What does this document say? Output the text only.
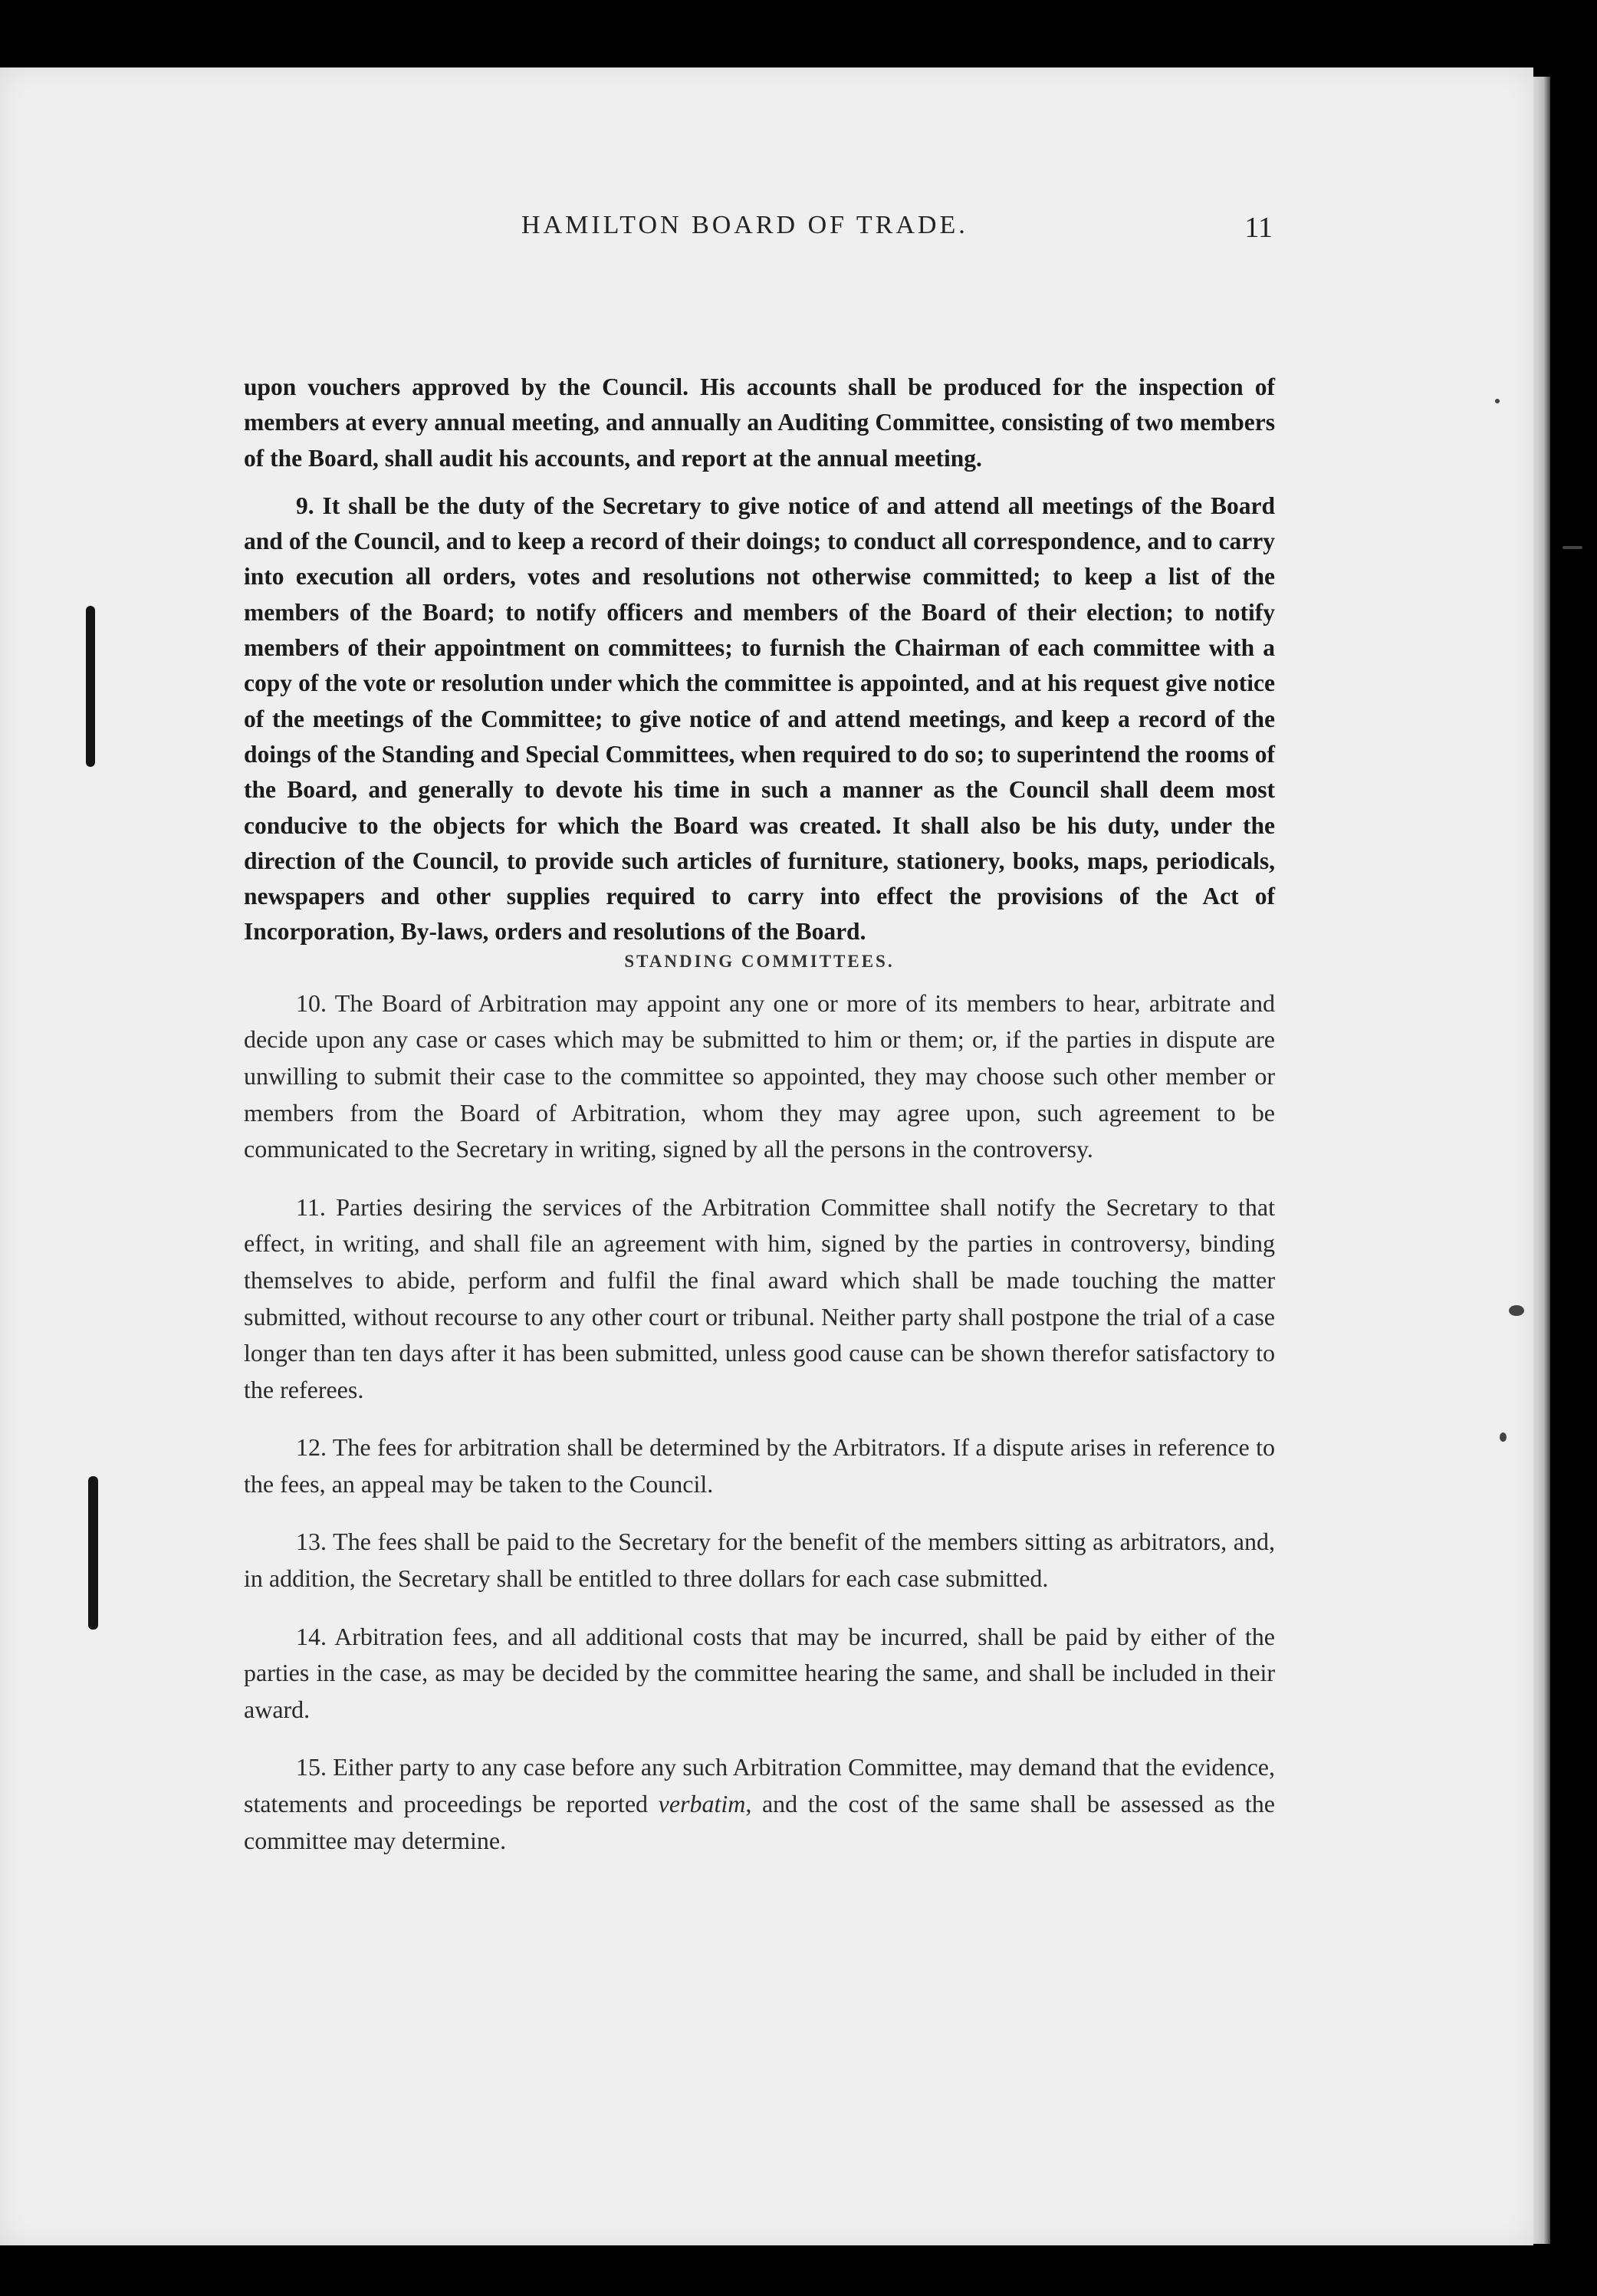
HAMILTON BOARD OF TRADE.	11

upon vouchers approved by the Council. His accounts shall be produced for the inspection of members at every annual meeting, and annually an Auditing Committee, consisting of two members of the Board, shall audit his accounts, and report at the annual meeting.

9. It shall be the duty of the Secretary to give notice of and attend all meetings of the Board and of the Council, and to keep a record of their doings; to conduct all correspondence, and to carry into execution all orders, votes and resolutions not otherwise committed; to keep a list of the members of the Board; to notify officers and members of the Board of their election; to notify members of their appointment on committees; to furnish the Chairman of each committee with a copy of the vote or resolution under which the committee is appointed, and at his request give notice of the meetings of the Committee; to give notice of and attend meetings, and keep a record of the doings of the Standing and Special Committees, when required to do so; to superintend the rooms of the Board, and generally to devote his time in such a manner as the Council shall deem most conducive to the objects for which the Board was created. It shall also be his duty, under the direction of the Council, to provide such articles of furniture, stationery, books, maps, periodicals, newspapers and other supplies required to carry into effect the provisions of the Act of Incorporation, By-laws, orders and resolutions of the Board.

STANDING COMMITTEES.

10. The Board of Arbitration may appoint any one or more of its members to hear, arbitrate and decide upon any case or cases which may be submitted to him or them; or, if the parties in dispute are unwilling to submit their case to the committee so appointed, they may choose such other member or members from the Board of Arbitration, whom they may agree upon, such agreement to be communicated to the Secretary in writing, signed by all the persons in the controversy.

11. Parties desiring the services of the Arbitration Committee shall notify the Secretary to that effect, in writing, and shall file an agreement with him, signed by the parties in controversy, binding themselves to abide, perform and fulfil the final award which shall be made touching the matter submitted, without recourse to any other court or tribunal. Neither party shall postpone the trial of a case longer than ten days after it has been submitted, unless good cause can be shown therefor satisfactory to the referees.

12. The fees for arbitration shall be determined by the Arbitrators. If a dispute arises in reference to the fees, an appeal may be taken to the Council.

13. The fees shall be paid to the Secretary for the benefit of the members sitting as arbitrators, and, in addition, the Secretary shall be entitled to three dollars for each case submitted.

14. Arbitration fees, and all additional costs that may be incurred, shall be paid by either of the parties in the case, as may be decided by the committee hearing the same, and shall be included in their award.

15. Either party to any case before any such Arbitration Committee, may demand that the evidence, statements and proceedings be reported verbatim, and the cost of the same shall be assessed as the committee may determine.
